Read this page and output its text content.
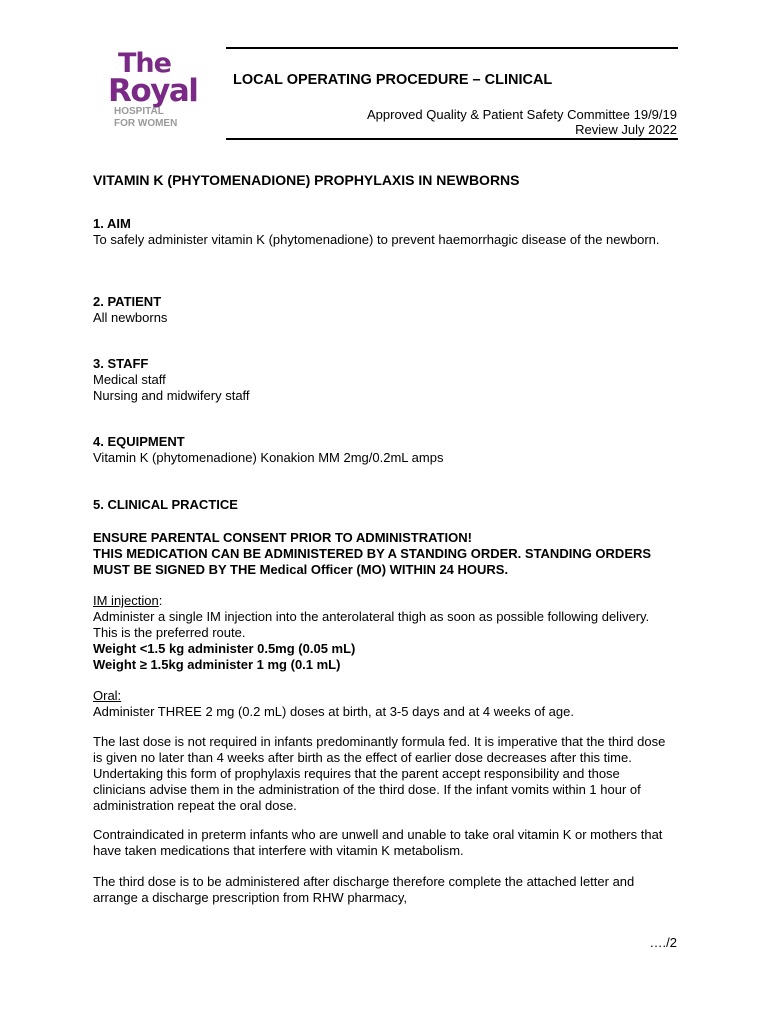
The
Royal
HOSPITAL
FOR WOMEN
LOCAL OPERATING PROCEDURE – CLINICAL
Approved Quality & Patient Safety Committee 19/9/19
Review July 2022
VITAMIN K (PHYTOMENADIONE) PROPHYLAXIS IN NEWBORNS
1. AIM
To safely administer vitamin K (phytomenadione) to prevent haemorrhagic disease of the newborn.
2. PATIENT
All newborns
3. STAFF
Medical staff
Nursing and midwifery staff
4. EQUIPMENT
Vitamin K (phytomenadione) Konakion MM 2mg/0.2mL amps
5. CLINICAL PRACTICE
ENSURE PARENTAL CONSENT PRIOR TO ADMINISTRATION!
THIS MEDICATION CAN BE ADMINISTERED BY A STANDING ORDER. STANDING ORDERS MUST BE SIGNED BY THE Medical Officer (MO) WITHIN 24 HOURS.
IM injection:
Administer a single IM injection into the anterolateral thigh as soon as possible following delivery. This is the preferred route.
Weight <1.5 kg administer 0.5mg (0.05 mL)
Weight ≥ 1.5kg administer 1 mg (0.1 mL)
Oral:
Administer THREE 2 mg (0.2 mL) doses at birth, at 3-5 days and at 4 weeks of age.
The last dose is not required in infants predominantly formula fed. It is imperative that the third dose is given no later than 4 weeks after birth as the effect of earlier dose decreases after this time. Undertaking this form of prophylaxis requires that the parent accept responsibility and those clinicians advise them in the administration of the third dose. If the infant vomits within 1 hour of administration repeat the oral dose.
Contraindicated in preterm infants who are unwell and unable to take oral vitamin K or mothers that have taken medications that interfere with vitamin K metabolism.
The third dose is to be administered after discharge therefore complete the attached letter and arrange a discharge prescription from RHW pharmacy,
…./2
